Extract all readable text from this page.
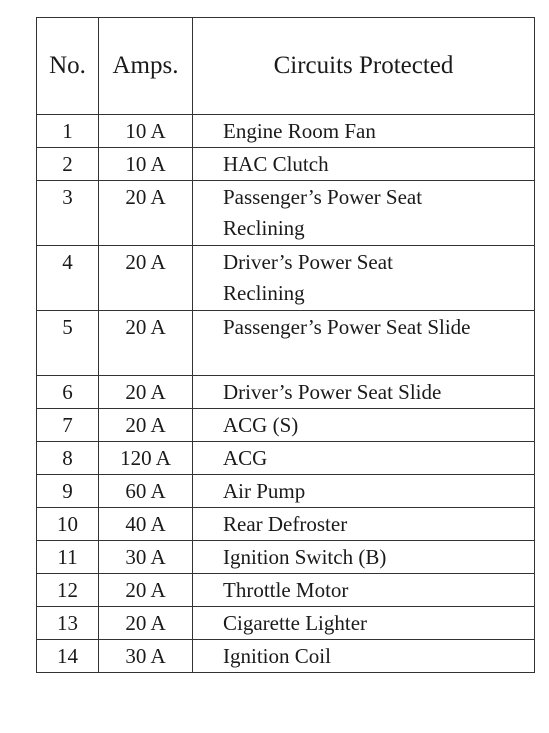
No.	Amps.	Circuits Protected

1	10 A	Engine Room Fan

2	10 A	HAC Clutch

3	20 A	Passenger’s Power Seat Reclining

4	20 A	Driver’s Power Seat Reclining

5	20 A	Passenger’s Power Seat Slide

6	20 A	Driver’s Power Seat Slide

7	20 A	ACG (S)

8	120 A	ACG

9	60 A	Air Pump

10	40 A	Rear Defroster

11	30 A	Ignition Switch (B)

12	20 A	Throttle Motor

13	20 A	Cigarette Lighter

14	30 A	Ignition Coil
